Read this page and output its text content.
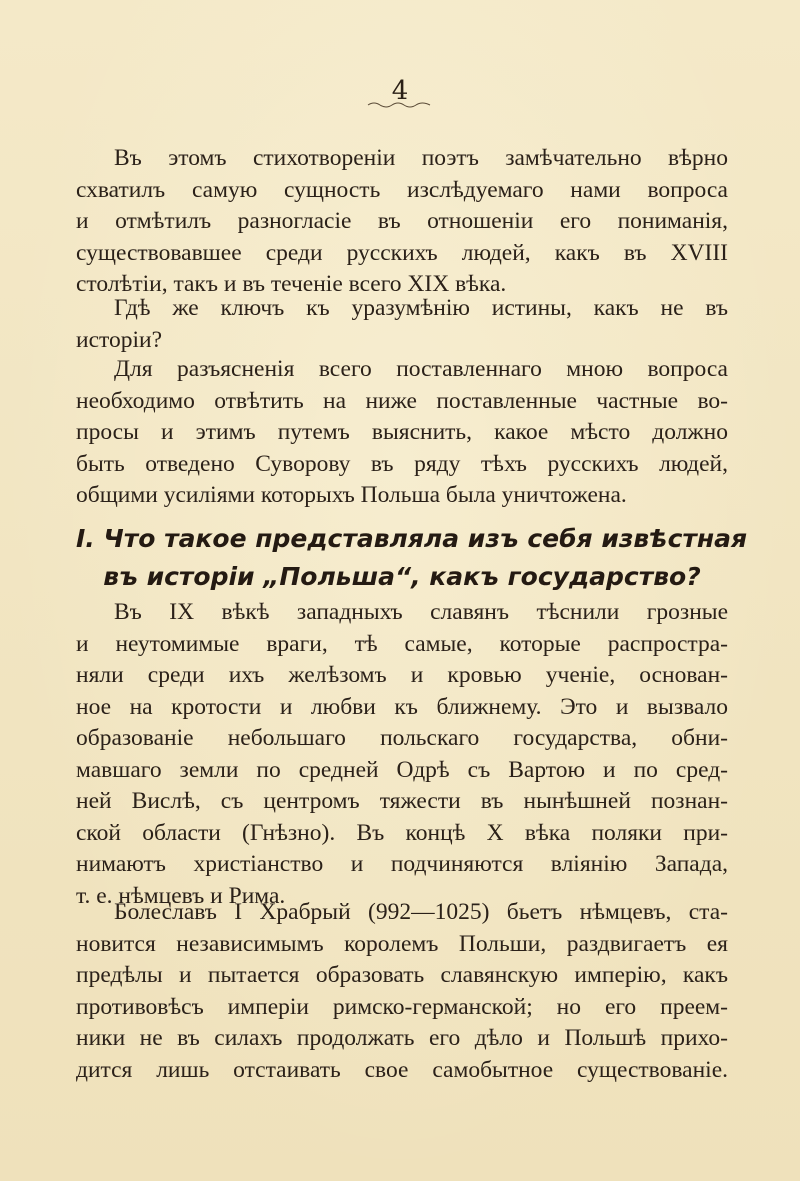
4
Въ этомъ стихотвореніи поэтъ замѣчательно вѣрно
схватилъ самую сущность изслѣдуемаго нами вопроса
и отмѣтилъ разногласіе въ отношеніи его пониманія,
существовавшее среди русскихъ людей, какъ въ XVIII
столѣтіи, такъ и въ теченіе всего XIX вѣка.
Гдѣ же ключъ къ уразумѣнію истины, какъ не въ
исторіи?
Для разъясненія всего поставленнаго мною вопроса
необходимо отвѣтить на ниже поставленные частные во-
просы и этимъ путемъ выяснить, какое мѣсто должно
быть отведено Суворову въ ряду тѣхъ русскихъ людей,
общими усиліями которыхъ Польша была уничтожена.
I. Что такое представляла изъ себя извѣстная
въ исторіи „Польша“, какъ государство?
Въ IX вѣкѣ западныхъ славянъ тѣснили грозные
и неутомимые враги, тѣ самые, которые распростра-
няли среди ихъ желѣзомъ и кровью ученіе, основан-
ное на кротости и любви къ ближнему. Это и вызвало
образованіе небольшаго польскаго государства, обни-
мавшаго земли по средней Одрѣ съ Вартою и по сред-
ней Вислѣ, съ центромъ тяжести въ нынѣшней познан-
ской области (Гнѣзно). Въ концѣ X вѣка поляки при-
нимаютъ христіанство и подчиняются вліянію Запада,
т. е. нѣмцевъ и Рима.
Болеславъ I Храбрый (992—1025) бьетъ нѣмцевъ, ста-
новится независимымъ королемъ Польши, раздвигаетъ ея
предѣлы и пытается образовать славянскую имперію, какъ
противовѣсъ имперіи римско-германской; но его преем-
ники не въ силахъ продолжать его дѣло и Польшѣ прихо-
дится лишь отстаивать свое самобытное существованіе.
